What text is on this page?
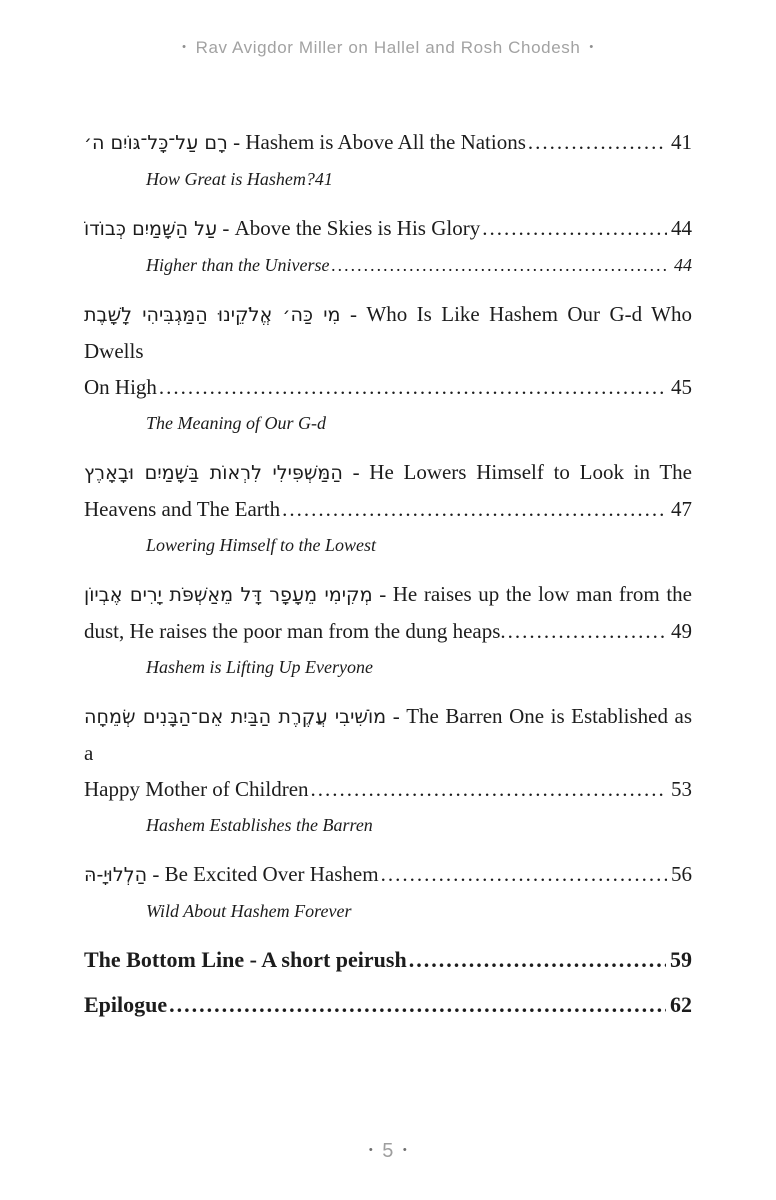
• Rav Avigdor Miller on Hallel and Rosh Chodesh •
רָם עַל־כָּל־גּוֹיִם ה׳ - Hashem is Above All the Nations .....	41
How Great is Hashem?41
עַל הַשָּׁמַיִם כְּבוֹדוֹ - Above the Skies is His Glory .....	44
Higher than the Universe .....	44
מִי כַּה׳ אֱלֹקֵינוּ הַמַּגְבִּיהִי לָשָׁבֶת - Who Is Like Hashem Our G-d Who Dwells
On High .....	45
The Meaning of Our G-d
הַמַּשְׁפִּילִי לִרְאוֹת בַּשָּׁמַיִם וּבָאָרֶץ - He Lowers Himself to Look in The
Heavens and The Earth .....	47
Lowering Himself to the Lowest
מְקִימִי מֵעָפָר דָּל מֵאַשְׁפֹּת יָרִים אֶבְיוֹן - He raises up the low man from the
dust, He raises the poor man from the dung heaps. .....	49
Hashem is Lifting Up Everyone
מוֹשִׁיבִי עֲקֶרֶת הַבַּיִת אֵם־הַבָּנִים שְׂמֵחָה - The Barren One is Established as a
Happy Mother of Children .....	53
Hashem Establishes the Barren
הַלְלוּיָ-הּ - Be Excited Over Hashem .....	56
Wild About Hashem Forever
The Bottom Line - A short peirush .....	59
Epilogue .....	62
• 5 •
